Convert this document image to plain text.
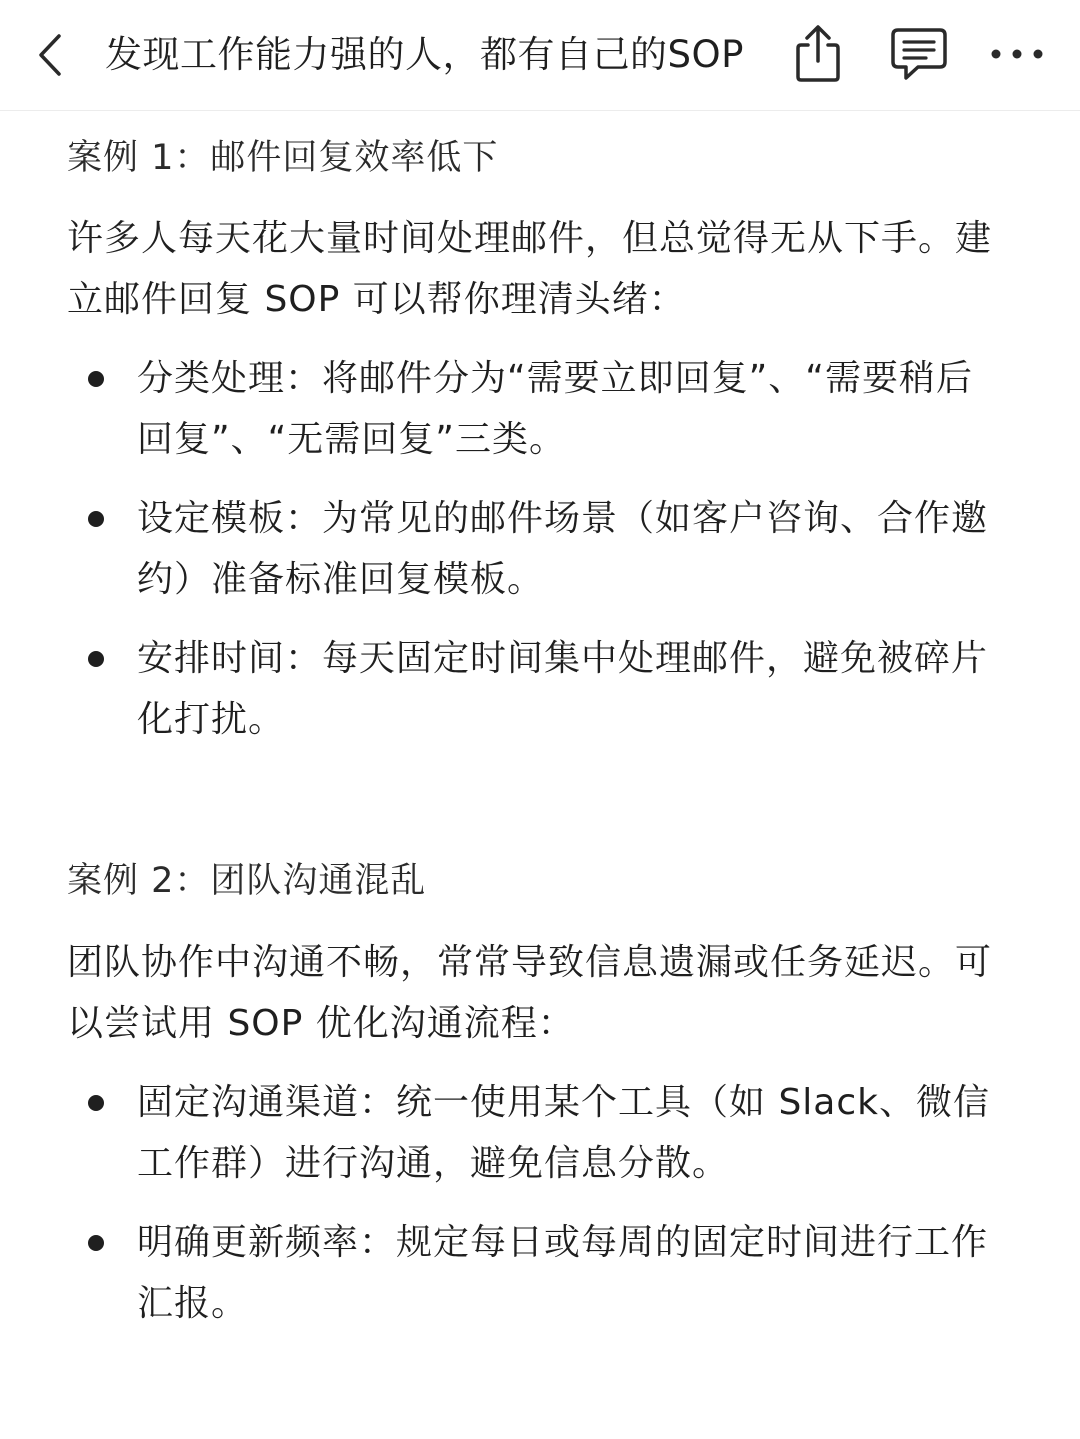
发现工作能力强的人，都有自己的SOP
案例 1：邮件回复效率低下
许多人每天花大量时间处理邮件，但总觉得无从下手。建立邮件回复 SOP 可以帮你理清头绪：
分类处理：将邮件分为“需要立即回复”、“需要稍后回复”、“无需回复”三类。
设定模板：为常见的邮件场景（如客户咨询、合作邀约）准备标准回复模板。
安排时间：每天固定时间集中处理邮件，避免被碎片化打扰。
案例 2：团队沟通混乱
团队协作中沟通不畅，常常导致信息遗漏或任务延迟。可以尝试用 SOP 优化沟通流程：
固定沟通渠道：统一使用某个工具（如 Slack、微信工作群）进行沟通，避免信息分散。
明确更新频率：规定每日或每周的固定时间进行工作汇报。
